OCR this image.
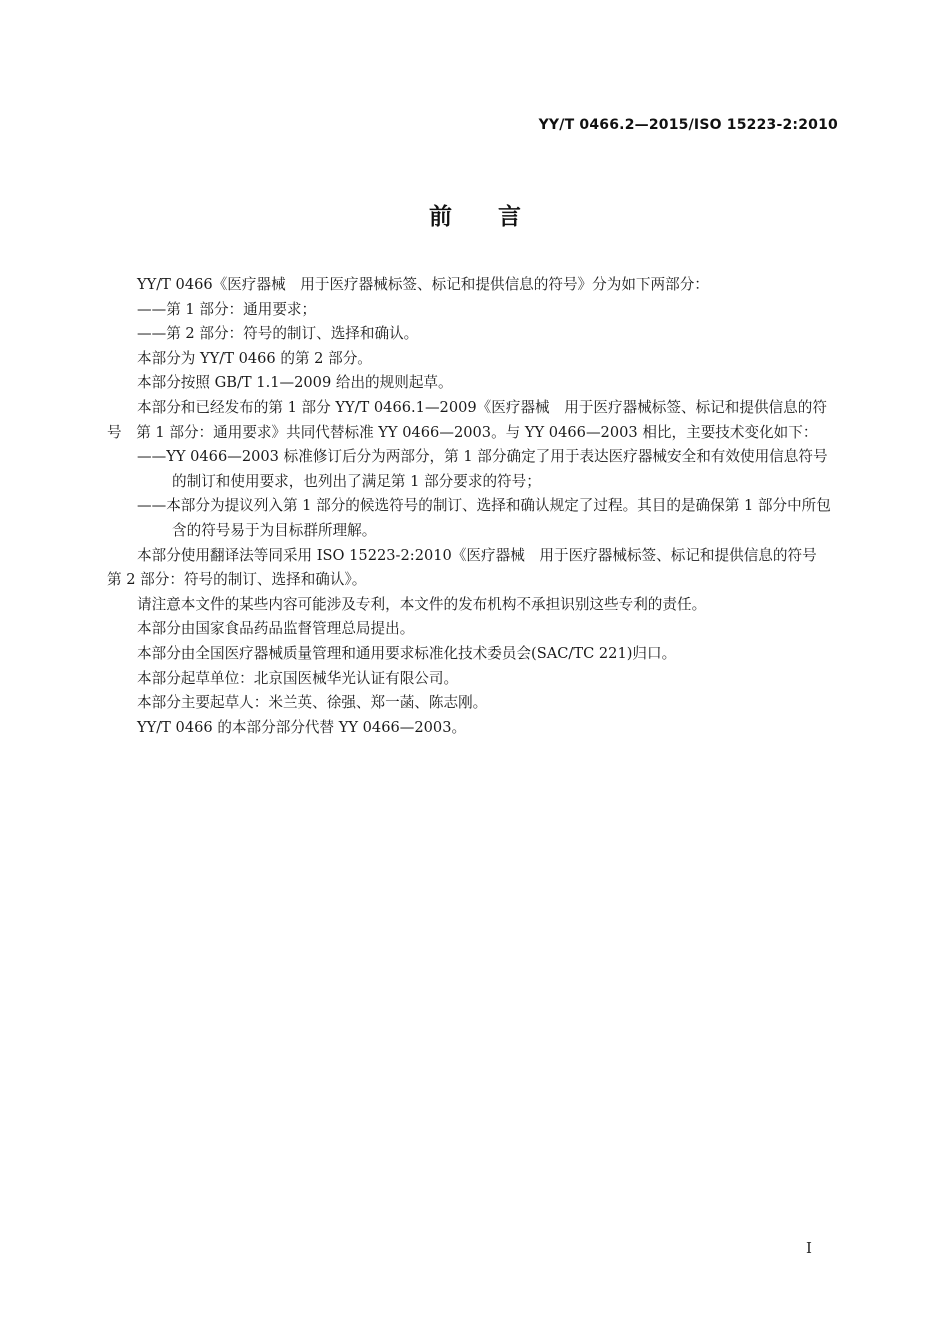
YY/T 0466.2—2015/ISO 15223-2:2010
前言

YY/T 0466《医疗器械　用于医疗器械标签、标记和提供信息的符号》分为如下两部分：

——第 1 部分：通用要求；

——第 2 部分：符号的制订、选择和确认。

本部分为 YY/T 0466 的第 2 部分。

本部分按照 GB/T 1.1—2009 给出的规则起草。

本部分和已经发布的第 1 部分 YY/T 0466.1—2009《医疗器械　用于医疗器械标签、标记和提供信息的符号　第 1 部分：通用要求》共同代替标准 YY 0466—2003。与 YY 0466—2003 相比，主要技术变化如下：

——YY 0466—2003 标准修订后分为两部分，第 1 部分确定了用于表达医疗器械安全和有效使用信息符号的制订和使用要求，也列出了满足第 1 部分要求的符号；

——本部分为提议列入第 1 部分的候选符号的制订、选择和确认规定了过程。其目的是确保第 1 部分中所包含的符号易于为目标群所理解。

本部分使用翻译法等同采用 ISO 15223-2:2010《医疗器械　用于医疗器械标签、标记和提供信息的符号　第 2 部分：符号的制订、选择和确认》。

请注意本文件的某些内容可能涉及专利，本文件的发布机构不承担识别这些专利的责任。

本部分由国家食品药品监督管理总局提出。

本部分由全国医疗器械质量管理和通用要求标准化技术委员会(SAC/TC 221)归口。

本部分起草单位：北京国医械华光认证有限公司。

本部分主要起草人：米兰英、徐强、郑一菡、陈志刚。

YY/T 0466 的本部分部分代替 YY 0466—2003。

I
